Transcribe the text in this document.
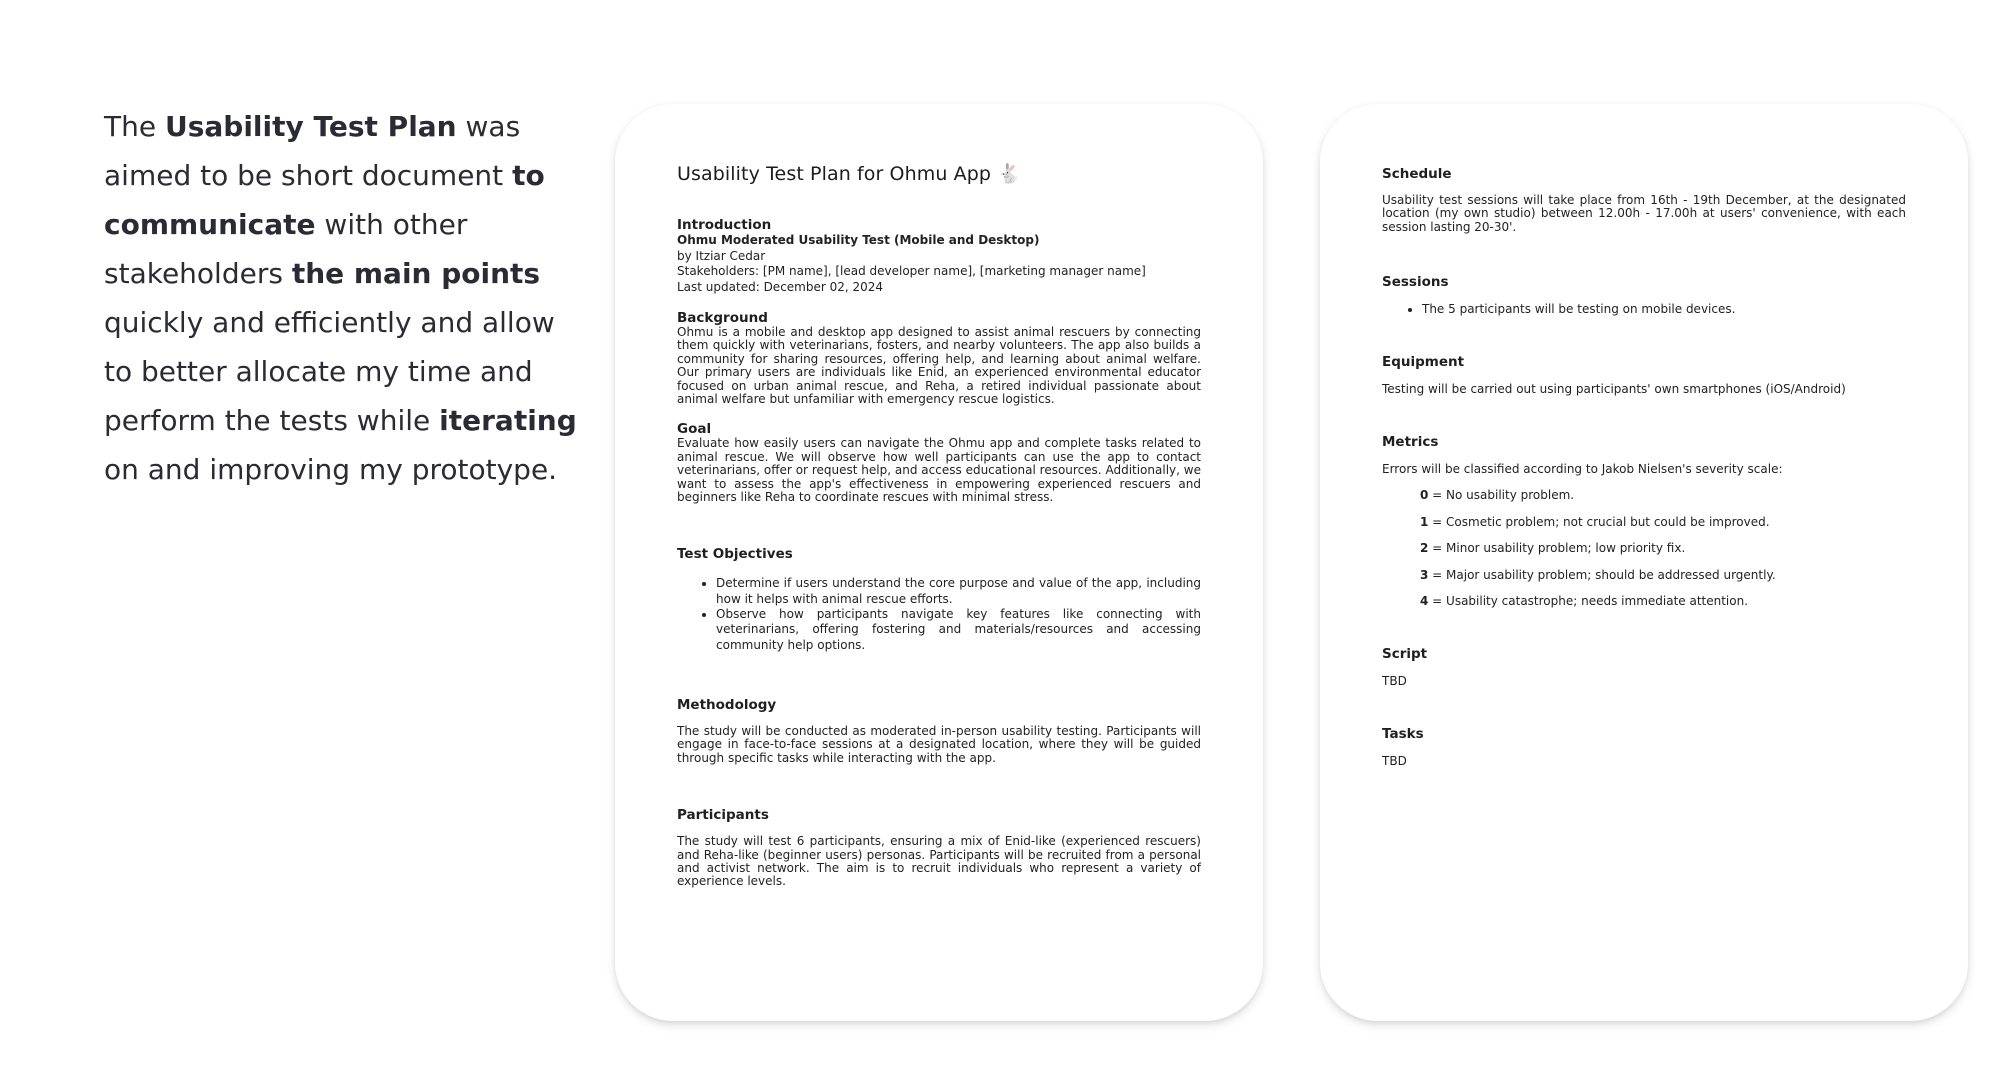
The Usability Test Plan was aimed to be short document to communicate with other stakeholders the main points quickly and efficiently and allow to better allocate my time and perform the tests while iterating on and improving my prototype.
Usability Test Plan for Ohmu App 🐇
Introduction
Ohmu Moderated Usability Test (Mobile and Desktop)
by Itziar Cedar
Stakeholders: [PM name], [lead developer name], [marketing manager name]
Last updated: December 02, 2024
Background
Ohmu is a mobile and desktop app designed to assist animal rescuers by connecting them quickly with veterinarians, fosters, and nearby volunteers. The app also builds a community for sharing resources, offering help, and learning about animal welfare. Our primary users are individuals like Enid, an experienced environmental educator focused on urban animal rescue, and Reha, a retired individual passionate about animal welfare but unfamiliar with emergency rescue logistics.
Goal
Evaluate how easily users can navigate the Ohmu app and complete tasks related to animal rescue. We will observe how well participants can use the app to contact veterinarians, offer or request help, and access educational resources. Additionally, we want to assess the app's effectiveness in empowering experienced rescuers and beginners like Reha to coordinate rescues with minimal stress.
Test Objectives
• Determine if users understand the core purpose and value of the app, including how it helps with animal rescue efforts.
• Observe how participants navigate key features like connecting with veterinarians, offering fostering and materials/resources and accessing community help options.
Methodology
The study will be conducted as moderated in-person usability testing. Participants will engage in face-to-face sessions at a designated location, where they will be guided through specific tasks while interacting with the app.
Participants
The study will test 6 participants, ensuring a mix of Enid-like (experienced rescuers) and Reha-like (beginner users) personas. Participants will be recruited from a personal and activist network. The aim is to recruit individuals who represent a variety of experience levels.
Schedule
Usability test sessions will take place from 16th - 19th December, at the designated location (my own studio) between 12.00h - 17.00h at users' convenience, with each session lasting 20-30'.
Sessions
• The 5 participants will be testing on mobile devices.
Equipment
Testing will be carried out using participants' own smartphones (iOS/Android)
Metrics
Errors will be classified according to Jakob Nielsen's severity scale:
0 = No usability problem.
1 = Cosmetic problem; not crucial but could be improved.
2 = Minor usability problem; low priority fix.
3 = Major usability problem; should be addressed urgently.
4 = Usability catastrophe; needs immediate attention.
Script
TBD
Tasks
TBD
